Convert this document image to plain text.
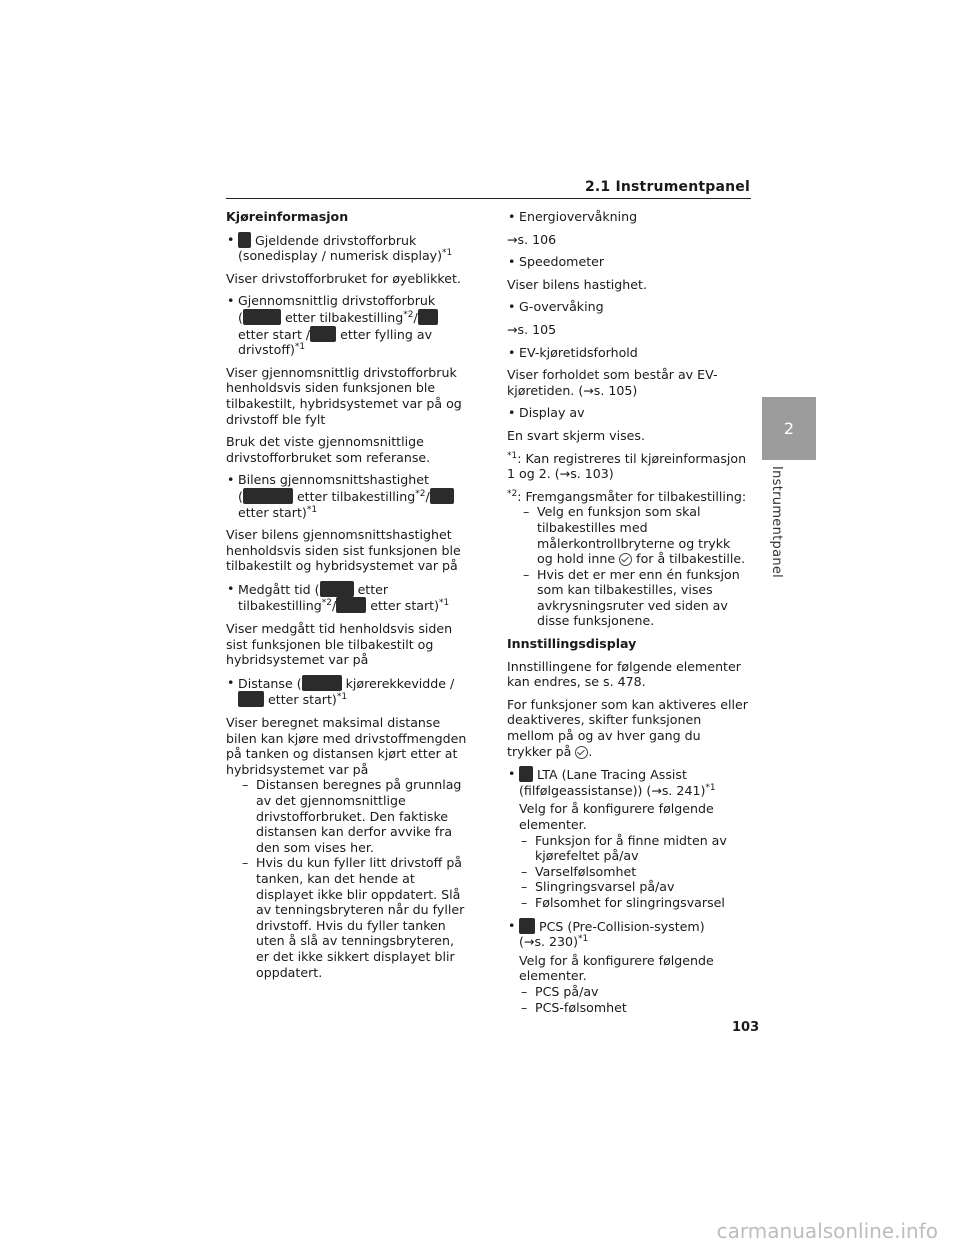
2.1 Instrumentpanel
2
Instrumentpanel
Kjøreinformasjon
• Gjeldende drivstofforbruk
(sonedisplay / numerisk display)$^{*1}$
Viser drivstofforbruket for øyeblikket.
• Gjennomsnittlig drivstofforbruk
(	etter tilbakestilling$^{*2}$/
etter start / etter fylling av
drivstoff)$^{*1}$
Viser gjennomsnittlig drivstofforbruk henholdsvis siden funksjonen ble tilbakestilt, hybridsystemet var på og drivstoff ble fylt
Bruk det viste gjennomsnittlige drivstofforbruket som referanse.
• Bilens gjennomsnittshastighet
(	etter tilbakestilling$^{*2}$/
etter start)$^{*1}$
Viser bilens gjennomsnittshastighet henholdsvis siden sist funksjonen ble tilbakestilt og hybridsystemet var på
• Medgått tid (	etter
tilbakestilling$^{*2}$/	etter start)$^{*1}$
Viser medgått tid henholdsvis siden sist funksjonen ble tilbakestilt og hybridsystemet var på
• Distanse (	kjørerekkevidde /
etter start)$^{*1}$
Viser beregnet maksimal distanse bilen kan kjøre med drivstoffmengden på tanken og distansen kjørt etter at hybridsystemet var på
– Distansen beregnes på grunnlag av det gjennomsnittlige drivstofforbruket. Den faktiske distansen kan derfor avvike fra den som vises her.
– Hvis du kun fyller litt drivstoff på tanken, kan det hende at displayet ikke blir oppdatert. Slå av tenningsbryteren når du fyller drivstoff. Hvis du fyller tanken uten å slå av tenningsbryteren, er det ikke sikkert displayet blir oppdatert.
• Energiovervåkning
→s. 106
• Speedometer
Viser bilens hastighet.
• G-overvåking
→s. 105
• EV-kjøretidsforhold
Viser forholdet som består av EV-kjøretiden. (→s. 105)
• Display av
En svart skjerm vises.
$^{*1}$: Kan registreres til kjøreinformasjon 1 og 2. (→s. 103)
$^{*2}$: Fremgangsmåter for tilbakestilling:
– Velg en funksjon som skal tilbakestilles med målerkontrollbryterne og trykk og hold inne for å tilbakestille.
– Hvis det er mer enn én funksjon som kan tilbakestilles, vises avkrysningsruter ved siden av disse funksjonene.
Innstillingsdisplay
Innstillingene for følgende elementer kan endres, se s. 478.
For funksjoner som kan aktiveres eller deaktiveres, skifter funksjonen mellom på og av hver gang du trykker på .
• LTA (Lane Tracing Assist
(filfølgeassistanse)) (→s. 241)$^{*1}$
Velg for å konfigurere følgende elementer.
– Funksjon for å finne midten av kjørefeltet på/av
– Varselfølsomhet
– Slingringsvarsel på/av
– Følsomhet for slingringsvarsel
• PCS (Pre-Collision-system)
(→s. 230)$^{*1}$
Velg for å konfigurere følgende elementer.
– PCS på/av
– PCS-følsomhet
103
carmanualsonline.info
